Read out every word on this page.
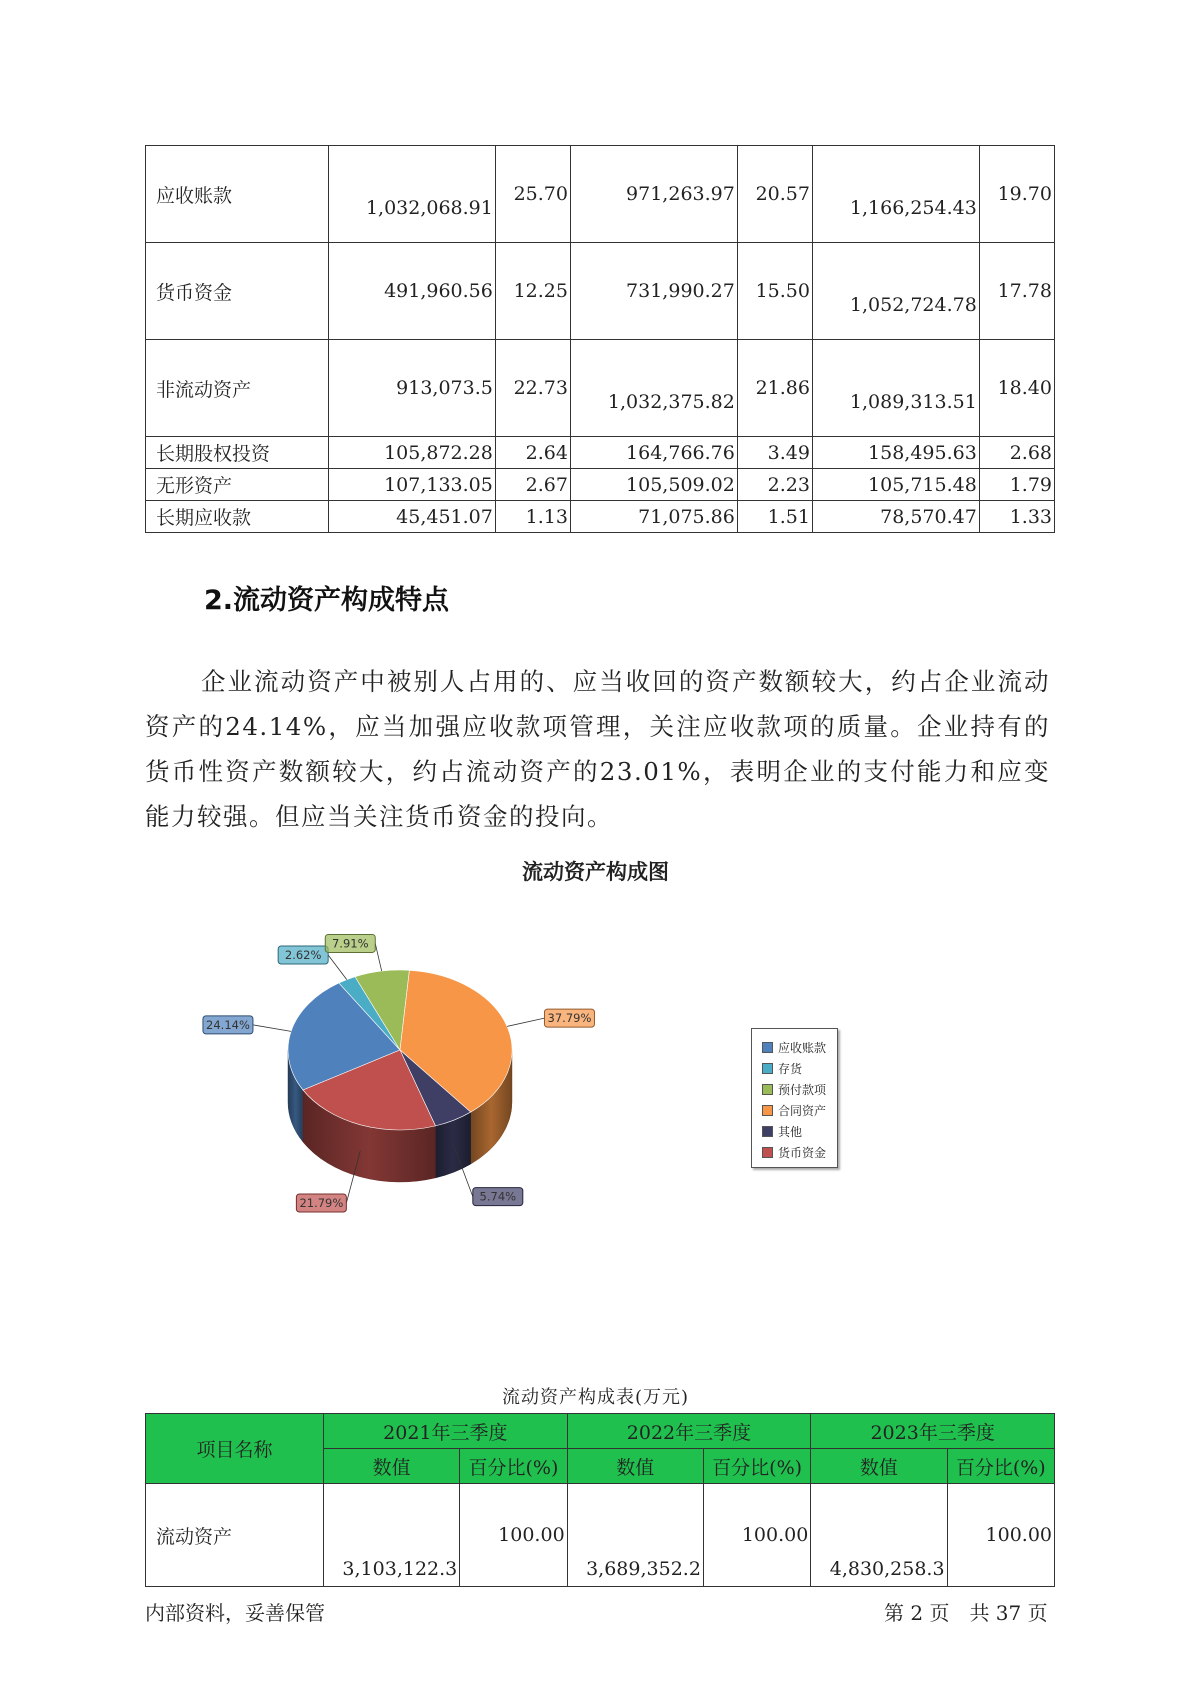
应收账款	1,032,068.91	25.70	971,263.97	20.57	1,166,254.43	19.70
货币资金	491,960.56	12.25	731,990.27	15.50	1,052,724.78	17.78
非流动资产	913,073.5	22.73	1,032,375.82	21.86	1,089,313.51	18.40
长期股权投资	105,872.28	2.64	164,766.76	3.49	158,495.63	2.68
无形资产	107,133.05	2.67	105,509.02	2.23	105,715.48	1.79
长期应收款	45,451.07	1.13	71,075.86	1.51	78,570.47	1.33
2.流动资产构成特点

企业流动资产中被别人占用的、应当收回的资产数额较大，约占企业流动资产的24.14%，应当加强应收款项管理，关注应收款项的质量。企业持有的货币性资产数额较大，约占流动资产的23.01%，表明企业的支付能力和应变能力较强。但应当关注货币资金的投向。

流动资产构成图
24.14%
2.62%
7.91%
37.79%
5.74%
21.79%
应收账款
存货
预付款项
合同资产
其他
货币资金
流动资产构成表(万元)
项目名称	2021年三季度		2022年三季度		2023年三季度	
	数值	百分比(%)	数值	百分比(%)	数值	百分比(%)
流动资产	3,103,122.3	100.00	3,689,352.2	100.00	4,830,258.3	100.00
内部资料，妥善保管	第 2 页　共 37 页
